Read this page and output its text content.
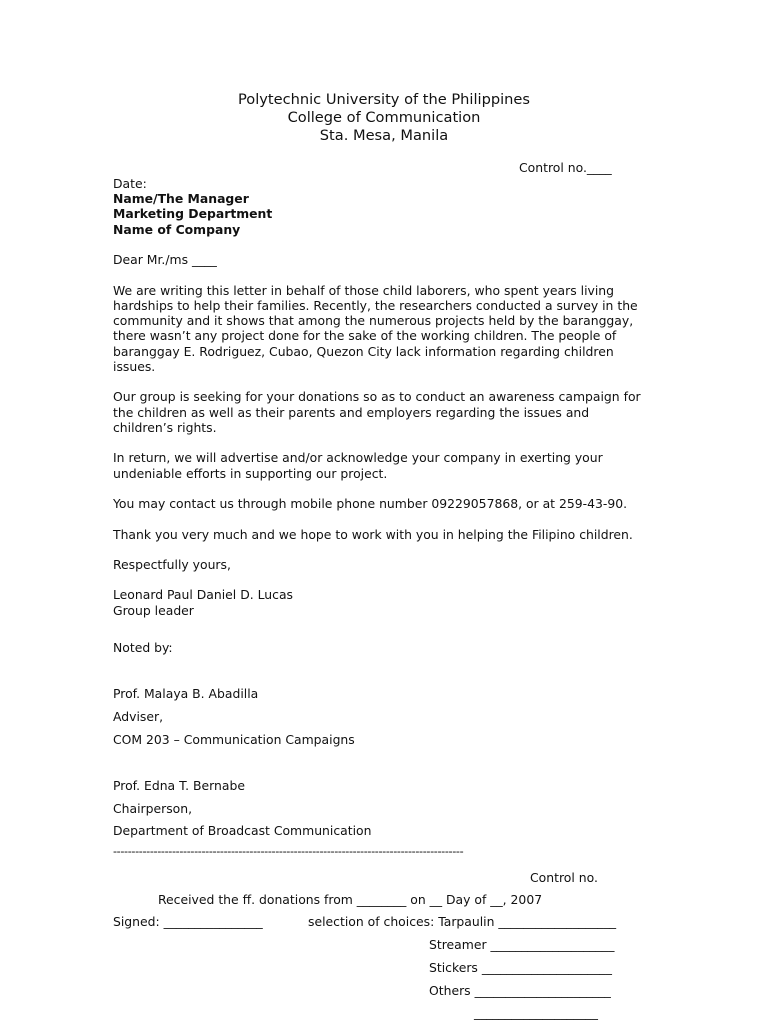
Polytechnic University of the Philippines
College of Communication
Sta. Mesa, Manila
Control no.____
Date:
Name/The Manager
Marketing Department
Name of Company
Dear Mr./ms ____
We are writing this letter in behalf of those child laborers, who spent years living
hardships to help their families. Recently, the researchers conducted a survey in the
community and it shows that among the numerous projects held by the baranggay,
there wasn’t any project done for the sake of the working children. The people of
baranggay E. Rodriguez, Cubao, Quezon City lack information regarding children
issues.
Our group is seeking for your donations so as to conduct an awareness campaign for
the children as well as their parents and employers regarding the issues and
children’s rights.
In return, we will advertise and/or acknowledge your company in exerting your
undeniable efforts in supporting our project.
You may contact us through mobile phone number 09229057868, or at 259-43-90.
Thank you very much and we hope to work with you in helping the Filipino children.
Respectfully yours,
Leonard Paul Daniel D. Lucas
Group leader
Noted by:
Prof. Malaya B. Abadilla
Adviser,
COM 203 – Communication Campaigns
Prof. Edna T. Bernabe
Chairperson,
Department of Broadcast Communication
-----------------------------------------------------------------------------------------------
Control no.
Received the ff. donations from ________ on __ Day of __, 2007
Signed: ________________	selection of choices: Tarpaulin ___________________
Streamer ____________________
Stickers _____________________
Others ______________________
____________________
